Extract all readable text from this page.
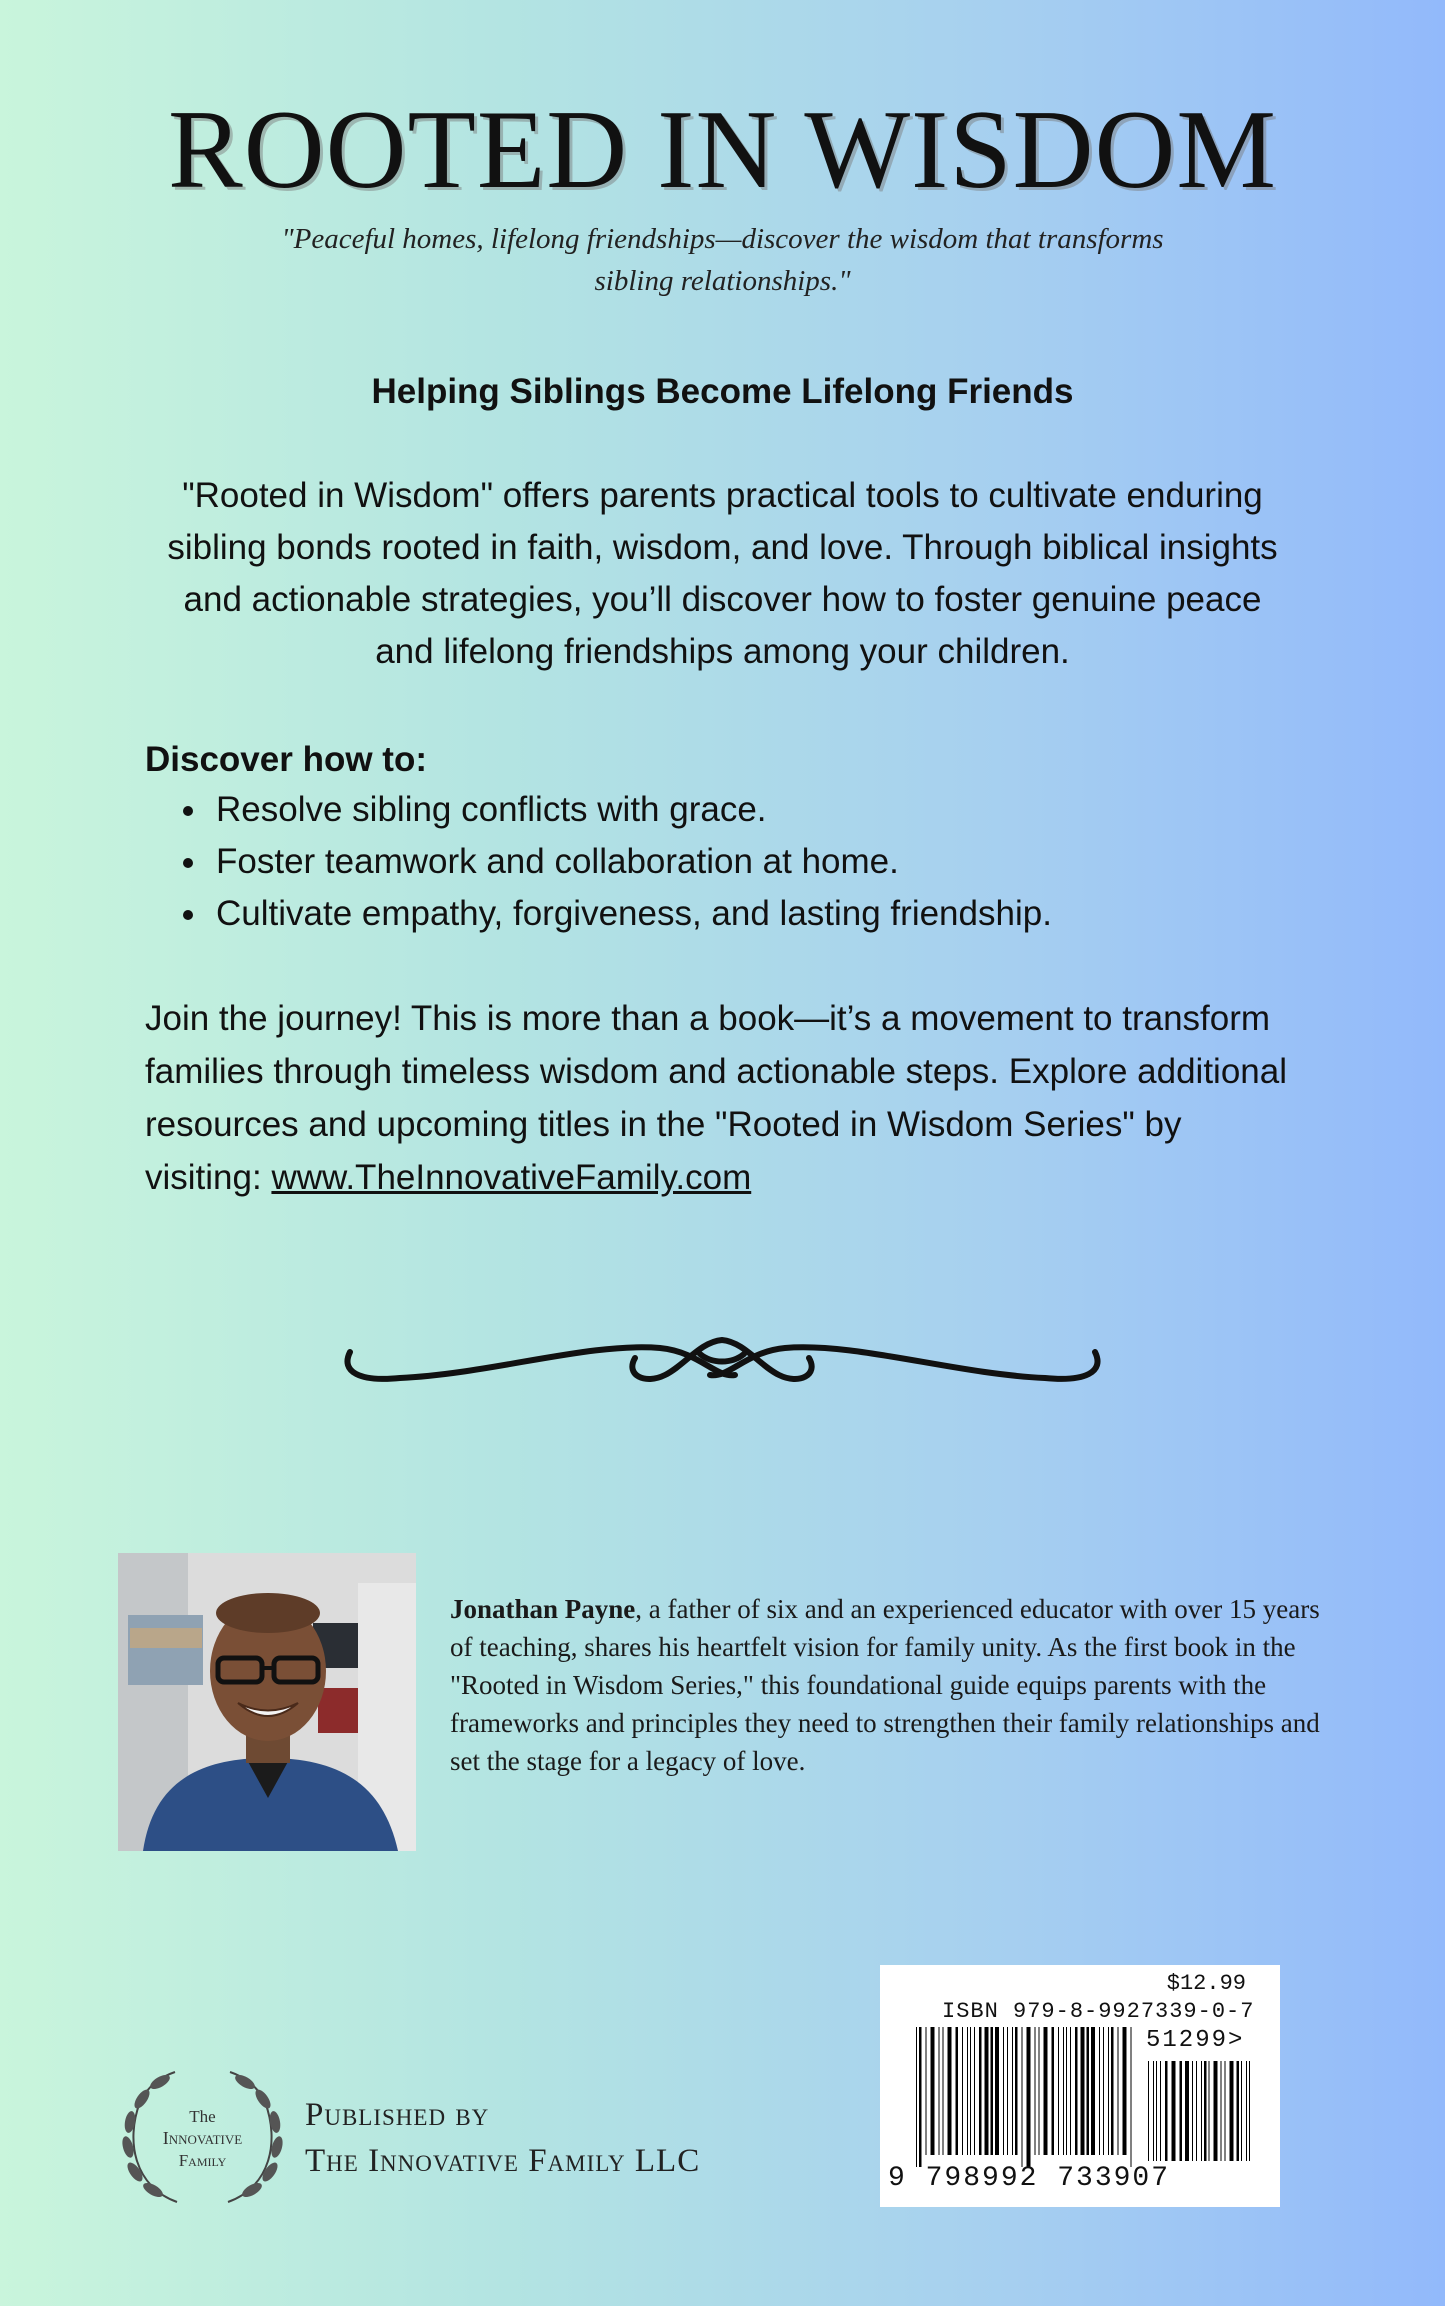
ROOTED IN WISDOM
"Peaceful homes, lifelong friendships—discover the wisdom that transforms sibling relationships."
Helping Siblings Become Lifelong Friends
"Rooted in Wisdom" offers parents practical tools to cultivate enduring sibling bonds rooted in faith, wisdom, and love. Through biblical insights and actionable strategies, you’ll discover how to foster genuine peace and lifelong friendships among your children.
Discover how to:
• Resolve sibling conflicts with grace.
• Foster teamwork and collaboration at home.
• Cultivate empathy, forgiveness, and lasting friendship.
Join the journey! This is more than a book—it’s a movement to transform families through timeless wisdom and actionable steps. Explore additional resources and upcoming titles in the "Rooted in Wisdom Series" by visiting: www.TheInnovativeFamily.com
Jonathan Payne, a father of six and an experienced educator with over 15 years of teaching, shares his heartfelt vision for family unity. As the first book in the "Rooted in Wisdom Series," this foundational guide equips parents with the frameworks and principles they need to strengthen their family relationships and set the stage for a legacy of love.
The
Innovative
Family
Published by
The Innovative Family LLC
$12.99
ISBN 979-8-9927339-0-7
51299>
9 798992 733907
